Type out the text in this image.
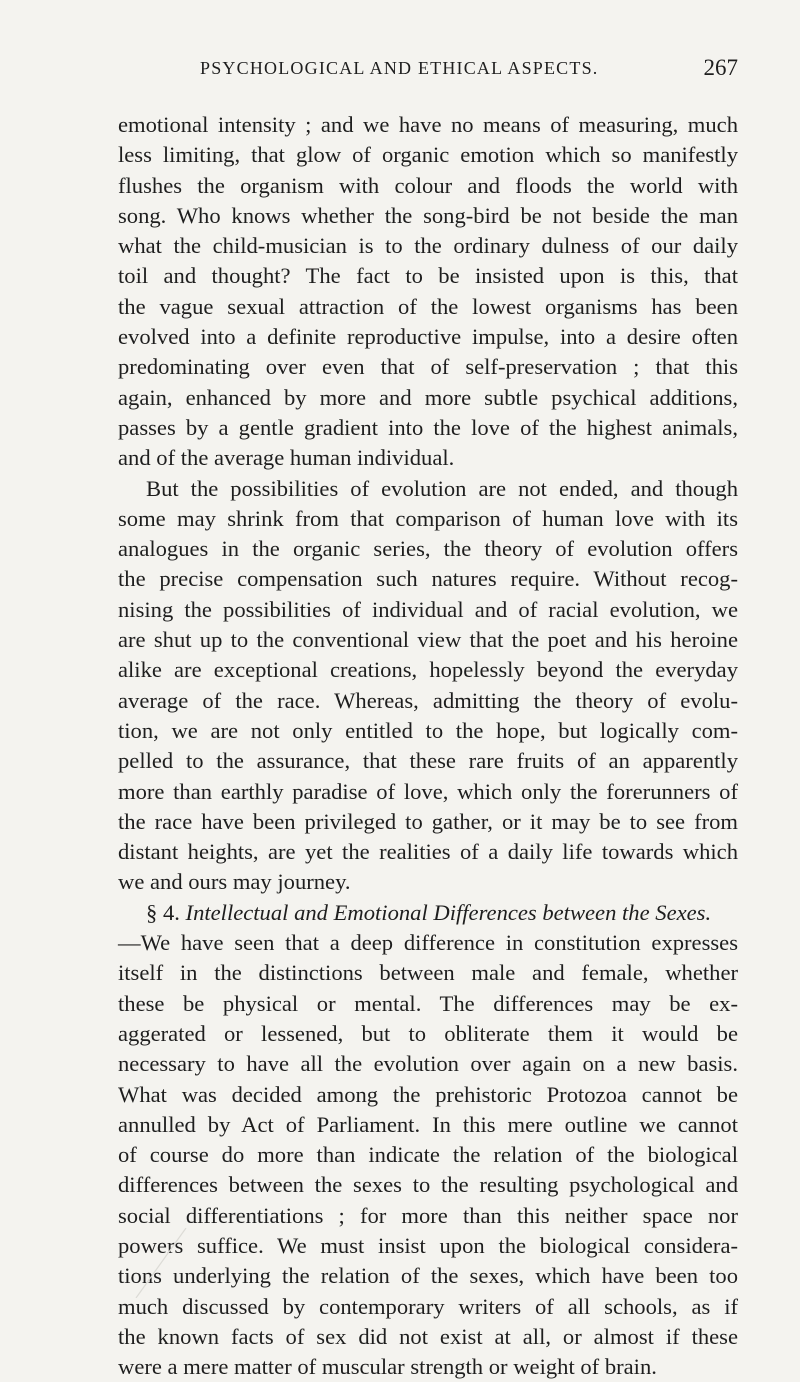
PSYCHOLOGICAL AND ETHICAL ASPECTS.	267
emotional intensity ; and we have no means of measuring, much
less limiting, that glow of organic emotion which so manifestly
flushes the organism with colour and floods the world with
song. Who knows whether the song-bird be not beside the man
what the child-musician is to the ordinary dulness of our daily
toil and thought? The fact to be insisted upon is this, that
the vague sexual attraction of the lowest organisms has been
evolved into a definite reproductive impulse, into a desire often
predominating over even that of self-preservation ; that this
again, enhanced by more and more subtle psychical additions,
passes by a gentle gradient into the love of the highest animals,
and of the average human individual.
But the possibilities of evolution are not ended, and though
some may shrink from that comparison of human love with its
analogues in the organic series, the theory of evolution offers
the precise compensation such natures require. Without recog-
nising the possibilities of individual and of racial evolution, we
are shut up to the conventional view that the poet and his heroine
alike are exceptional creations, hopelessly beyond the everyday
average of the race. Whereas, admitting the theory of evolu-
tion, we are not only entitled to the hope, but logically com-
pelled to the assurance, that these rare fruits of an apparently
more than earthly paradise of love, which only the forerunners of
the race have been privileged to gather, or it may be to see from
distant heights, are yet the realities of a daily life towards which
we and ours may journey.
§ 4. Intellectual and Emotional Differences between the Sexes.
—We have seen that a deep difference in constitution expresses
itself in the distinctions between male and female, whether
these be physical or mental. The differences may be ex-
aggerated or lessened, but to obliterate them it would be
necessary to have all the evolution over again on a new basis.
What was decided among the prehistoric Protozoa cannot be
annulled by Act of Parliament. In this mere outline we cannot
of course do more than indicate the relation of the biological
differences between the sexes to the resulting psychological and
social differentiations ; for more than this neither space nor
powers suffice. We must insist upon the biological considera-
tions underlying the relation of the sexes, which have been too
much discussed by contemporary writers of all schools, as if
the known facts of sex did not exist at all, or almost if these
were a mere matter of muscular strength or weight of brain.
